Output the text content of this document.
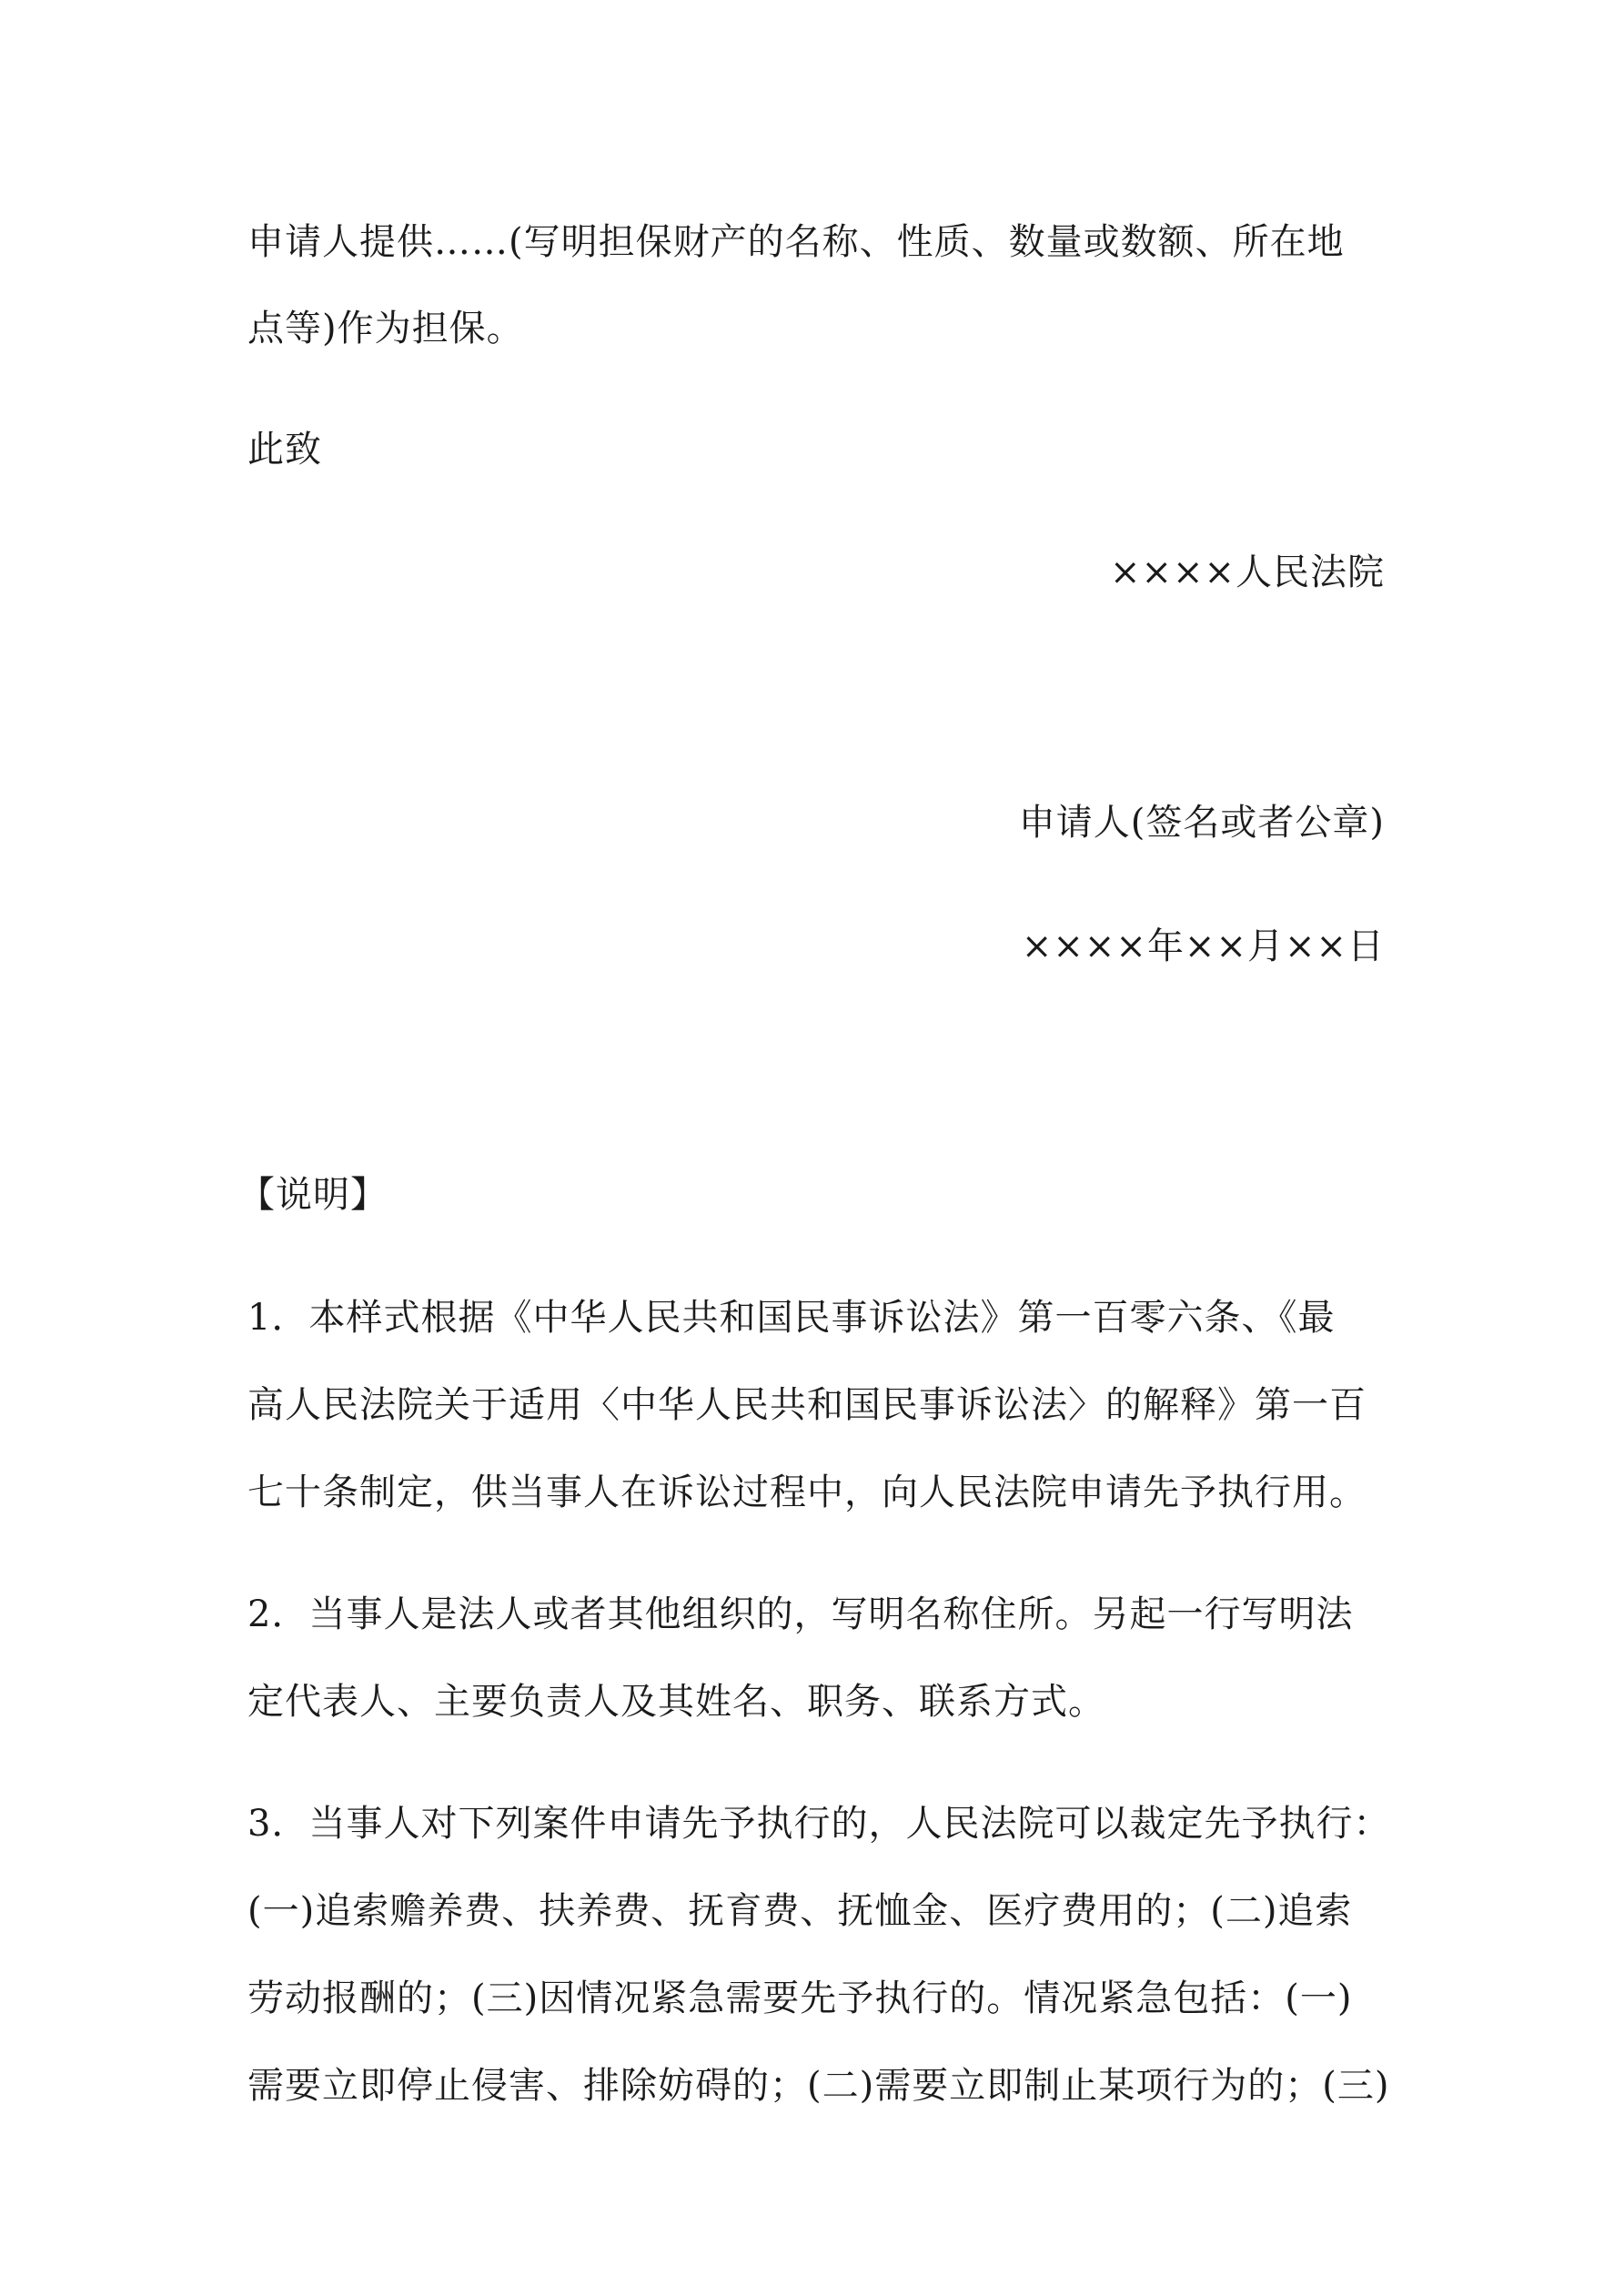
申请人提供……(写明担保财产的名称、性质、数量或数额、所在地
点等)作为担保。
此致
××××人民法院
申请人(签名或者公章)
××××年××月××日
【说明】
1．本样式根据《中华人民共和国民事诉讼法》第一百零六条、《最
高人民法院关于适用〈中华人民共和国民事诉讼法〉的解释》第一百
七十条制定，供当事人在诉讼过程中，向人民法院申请先予执行用。
2．当事人是法人或者其他组织的，写明名称住所。另起一行写明法
定代表人、主要负责人及其姓名、职务、联系方式。
3．当事人对下列案件申请先予执行的，人民法院可以裁定先予执行：
(一)追索赡养费、扶养费、抚育费、抚恤金、医疗费用的；(二)追索
劳动报酬的；(三)因情况紧急需要先予执行的。情况紧急包括：(一)
需要立即停止侵害、排除妨碍的；(二)需要立即制止某项行为的；(三)
